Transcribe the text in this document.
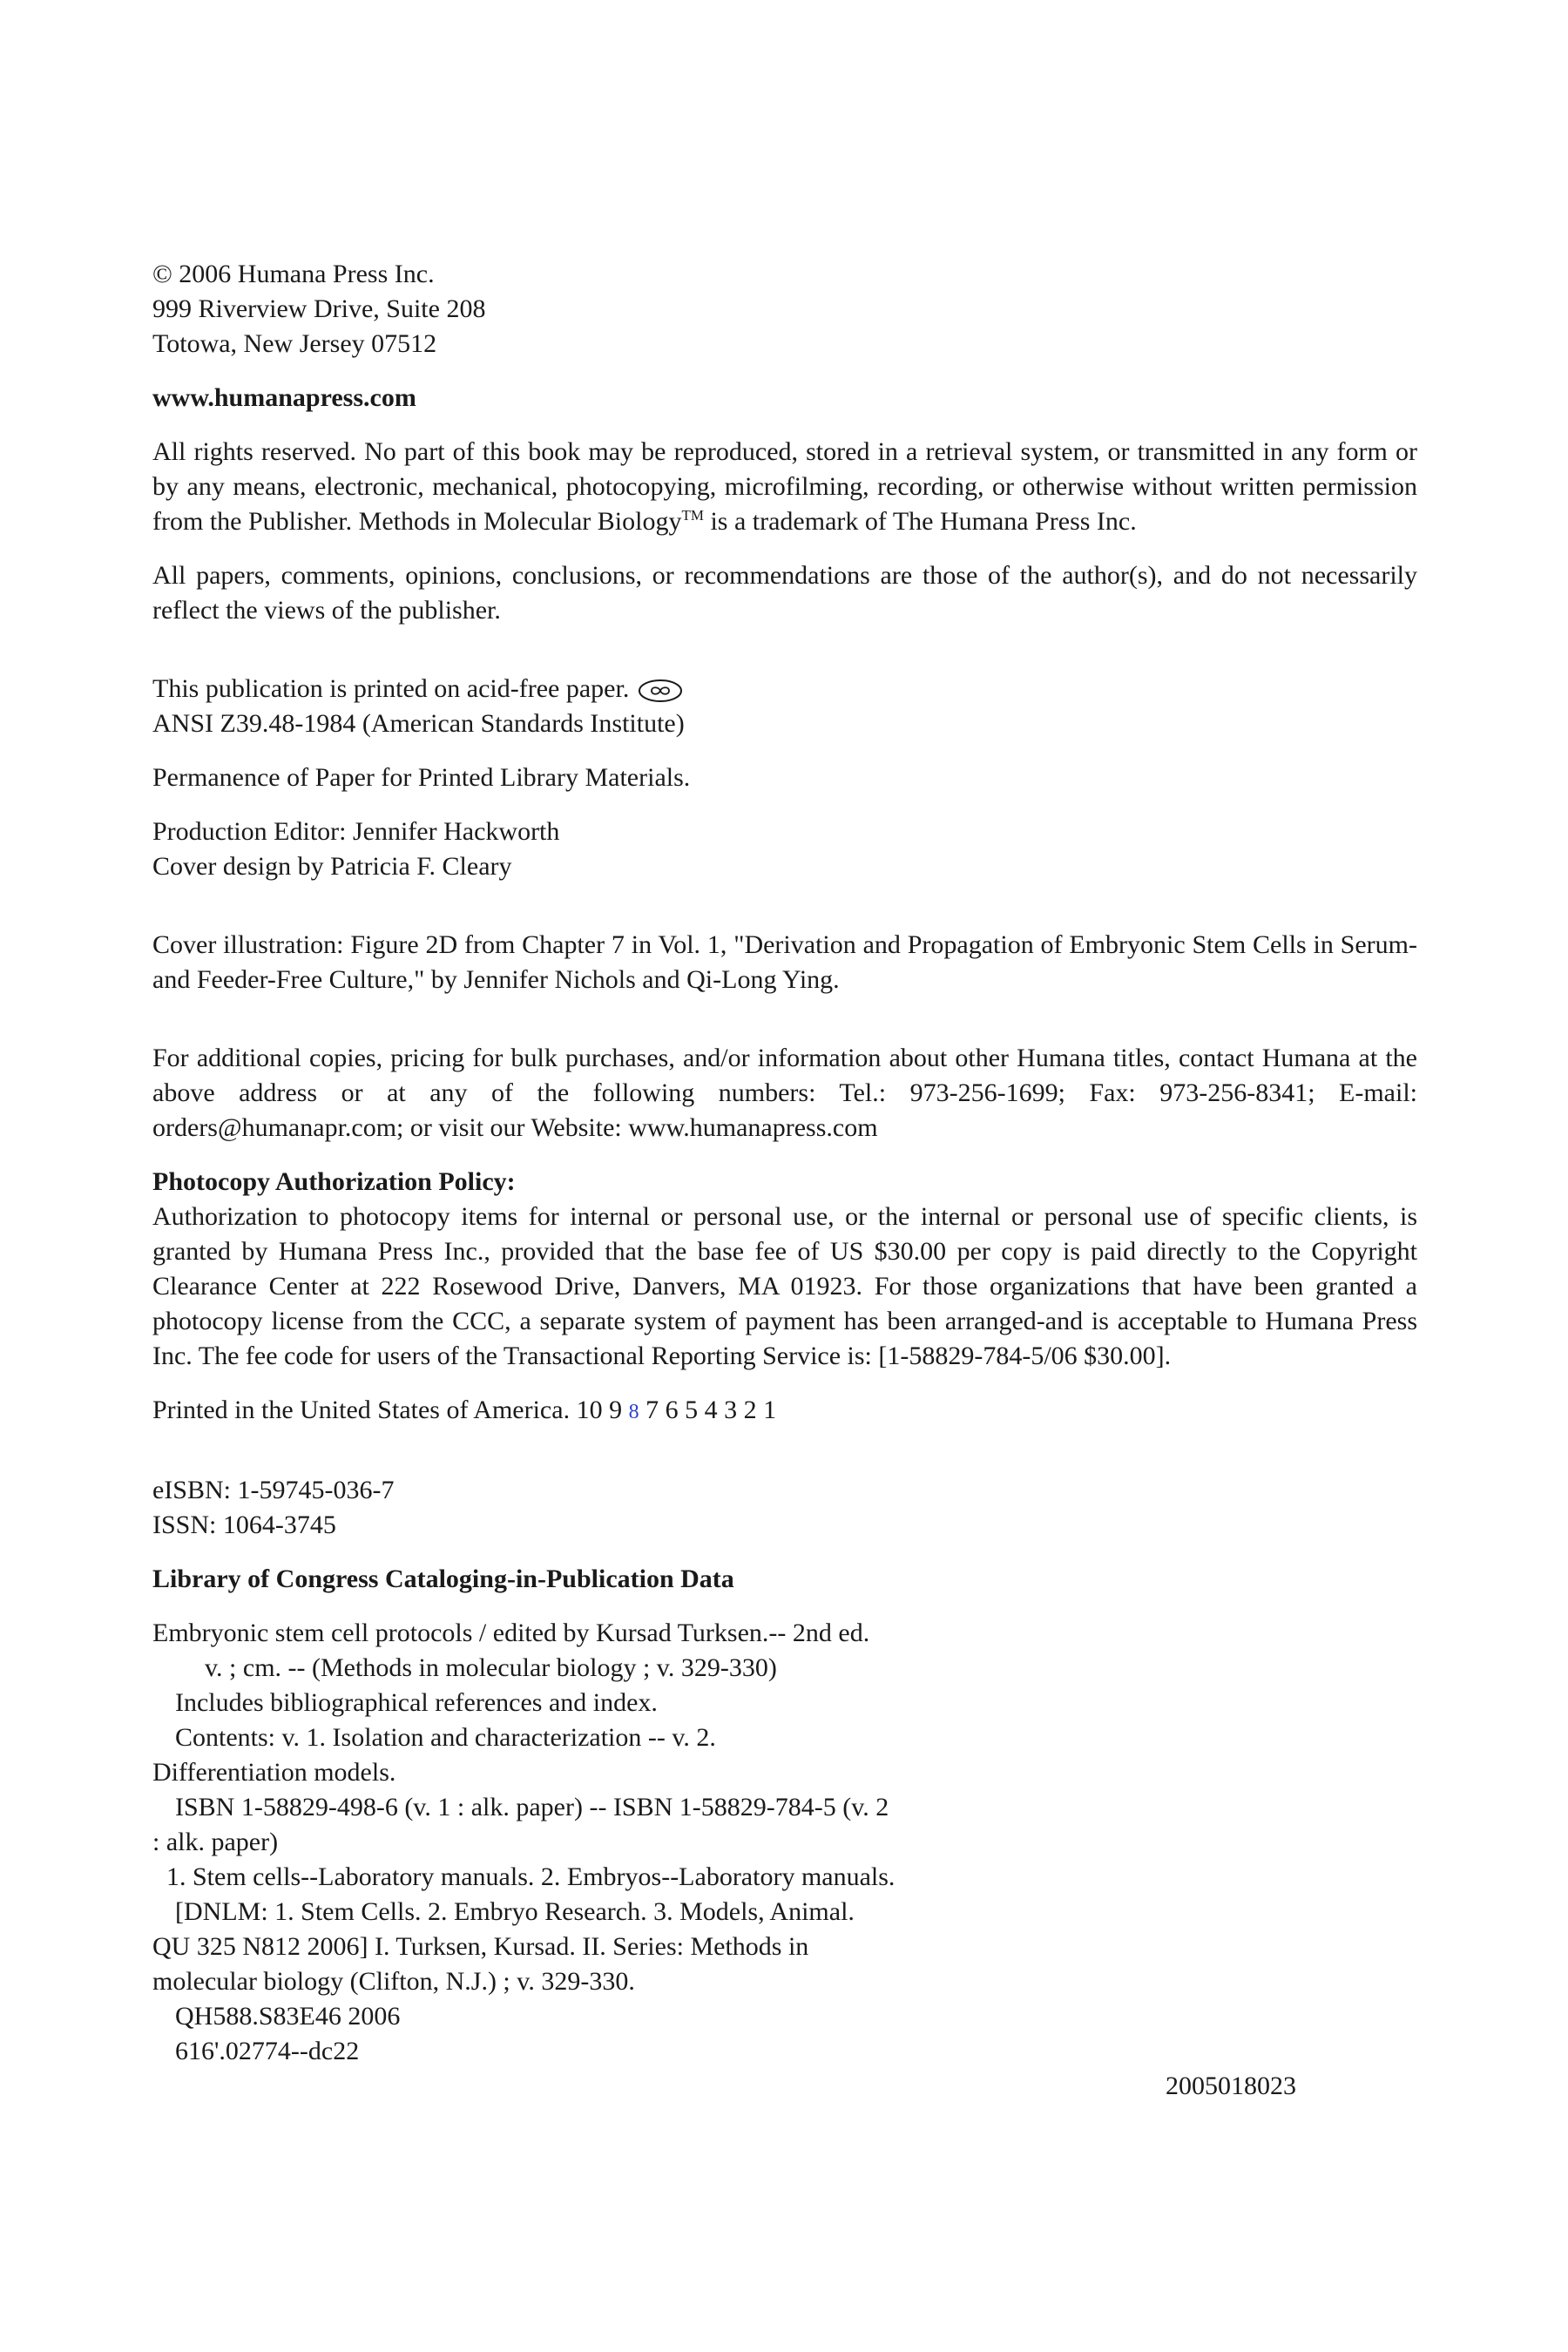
© 2006 Humana Press Inc.
999 Riverview Drive, Suite 208
Totowa, New Jersey 07512

www.humanapress.com

All rights reserved. No part of this book may be reproduced, stored in a retrieval system, or transmitted in any form or by any means, electronic, mechanical, photocopying, microfilming, recording, or otherwise without written permission from the Publisher. Methods in Molecular Biology™ is a trademark of The Humana Press Inc.

All papers, comments, opinions, conclusions, or recommendations are those of the author(s), and do not necessarily reflect the views of the publisher.

This publication is printed on acid-free paper.
ANSI Z39.48-1984 (American Standards Institute)

Permanence of Paper for Printed Library Materials.

Production Editor: Jennifer Hackworth
Cover design by Patricia F. Cleary

Cover illustration: Figure 2D from Chapter 7 in Vol. 1, "Derivation and Propagation of Embryonic Stem Cells in Serum- and Feeder-Free Culture," by Jennifer Nichols and Qi-Long Ying.

For additional copies, pricing for bulk purchases, and/or information about other Humana titles, contact Humana at the above address or at any of the following numbers: Tel.: 973-256-1699; Fax: 973-256-8341; E-mail: orders@humanapr.com; or visit our Website: www.humanapress.com

Photocopy Authorization Policy:
Authorization to photocopy items for internal or personal use, or the internal or personal use of specific clients, is granted by Humana Press Inc., provided that the base fee of US $30.00 per copy is paid directly to the Copyright Clearance Center at 222 Rosewood Drive, Danvers, MA 01923. For those organizations that have been granted a photocopy license from the CCC, a separate system of payment has been arranged-and is acceptable to Humana Press Inc. The fee code for users of the Transactional Reporting Service is: [1-58829-784-5/06 $30.00].

Printed in the United States of America. 10 9 8 7 6 5 4 3 2 1

eISBN: 1-59745-036-7
ISSN: 1064-3745

Library of Congress Cataloging-in-Publication Data

Embryonic stem cell protocols / edited by Kursad Turksen.-- 2nd ed.
v. ; cm. -- (Methods in molecular biology ; v. 329-330)
Includes bibliographical references and index.
Contents: v. 1. Isolation and characterization -- v. 2.
Differentiation models.
ISBN 1-58829-498-6 (v. 1 : alk. paper) -- ISBN 1-58829-784-5 (v. 2
: alk. paper)
1. Stem cells--Laboratory manuals. 2. Embryos--Laboratory manuals.
[DNLM: 1. Stem Cells. 2. Embryo Research. 3. Models, Animal.
QU 325 N812 2006] I. Turksen, Kursad. II. Series: Methods in
molecular biology (Clifton, N.J.) ; v. 329-330.
QH588.S83E46 2006
616'.02774--dc22
2005018023
